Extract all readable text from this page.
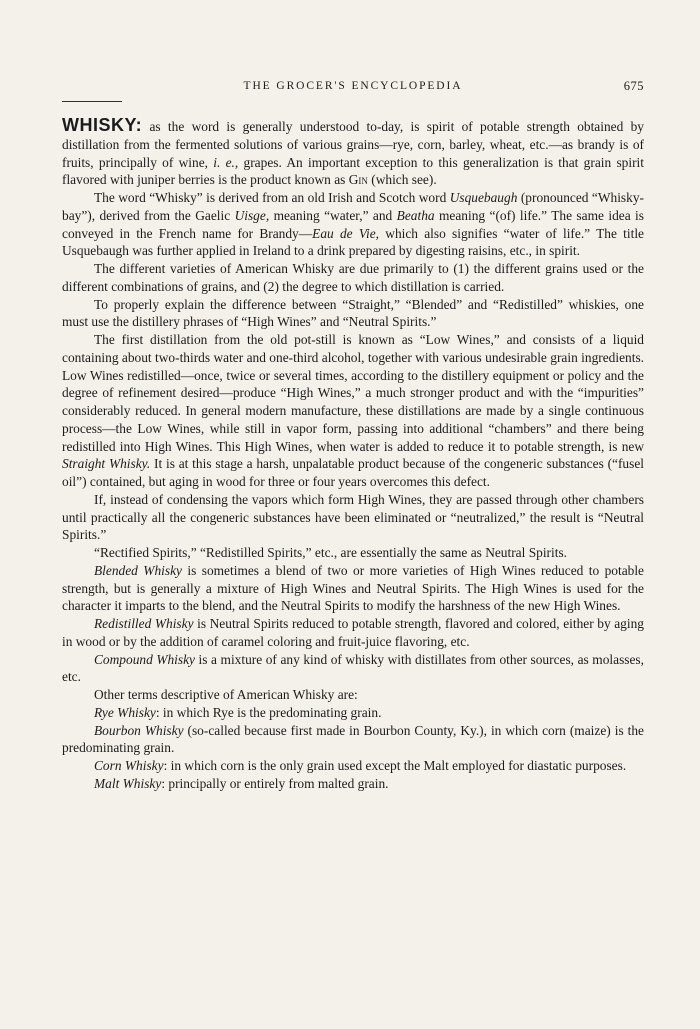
THE GROCER'S ENCYCLOPEDIA	675

WHISKY: as the word is generally understood to-day, is spirit of potable strength obtained by distillation from the fermented solutions of various grains—rye, corn, barley, wheat, etc.—as brandy is of fruits, principally of wine, i. e., grapes. An important exception to this generalization is that grain spirit flavored with juniper berries is the product known as Gin (which see).

The word “Whisky” is derived from an old Irish and Scotch word Usquebaugh (pronounced “Whisky-bay”), derived from the Gaelic Uisge, meaning “water,” and Beatha meaning “(of) life.” The same idea is conveyed in the French name for Brandy—Eau de Vie, which also signifies “water of life.” The title Usquebaugh was further applied in Ireland to a drink prepared by digesting raisins, etc., in spirit.

The different varieties of American Whisky are due primarily to (1) the different grains used or the different combinations of grains, and (2) the degree to which distillation is carried.

To properly explain the difference between “Straight,” “Blended” and “Redistilled” whiskies, one must use the distillery phrases of “High Wines” and “Neutral Spirits.”

The first distillation from the old pot-still is known as “Low Wines,” and consists of a liquid containing about two-thirds water and one-third alcohol, together with various undesirable grain ingredients. Low Wines redistilled—once, twice or several times, according to the distillery equipment or policy and the degree of refinement desired—produce “High Wines,” a much stronger product and with the “impurities” considerably reduced. In general modern manufacture, these distillations are made by a single continuous process—the Low Wines, while still in vapor form, passing into additional “chambers” and there being redistilled into High Wines. This High Wines, when water is added to reduce it to potable strength, is new Straight Whisky. It is at this stage a harsh, unpalatable product because of the congeneric substances (“fusel oil”) contained, but aging in wood for three or four years overcomes this defect.

If, instead of condensing the vapors which form High Wines, they are passed through other chambers until practically all the congeneric substances have been eliminated or “neutralized,” the result is “Neutral Spirits.”

“Rectified Spirits,” “Redistilled Spirits,” etc., are essentially the same as Neutral Spirits.

Blended Whisky is sometimes a blend of two or more varieties of High Wines reduced to potable strength, but is generally a mixture of High Wines and Neutral Spirits. The High Wines is used for the character it imparts to the blend, and the Neutral Spirits to modify the harshness of the new High Wines.

Redistilled Whisky is Neutral Spirits reduced to potable strength, flavored and colored, either by aging in wood or by the addition of caramel coloring and fruit-juice flavoring, etc.

Compound Whisky is a mixture of any kind of whisky with distillates from other sources, as molasses, etc.

Other terms descriptive of American Whisky are:

Rye Whisky: in which Rye is the predominating grain.

Bourbon Whisky (so-called because first made in Bourbon County, Ky.), in which corn (maize) is the predominating grain.

Corn Whisky: in which corn is the only grain used except the Malt employed for diastatic purposes.

Malt Whisky: principally or entirely from malted grain.
